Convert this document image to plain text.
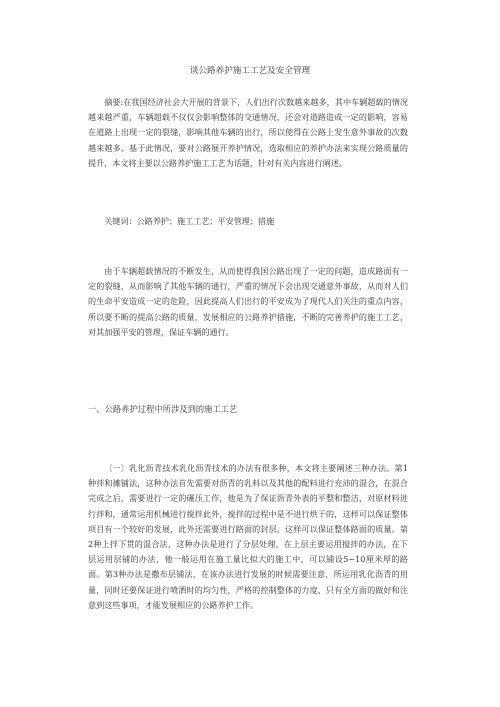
谈公路养护施工工艺及安全管理

摘要:在我国经济社会大开展的背景下，人们出行次数越来越多，其中车辆超载的情况越来越严重，车辆超载不仅仅会影响整体的交通情况，还会对道路造成一定的影响，容易在道路上出现一定的裂缝，影响其他车辆的出行，所以使得在公路上发生意外事故的次数越来越多。基于此情况，要对公路展开养护情况，选取相应的养护办法来实现公路质量的提升，本文将主要以公路养护施工工艺为话题，针对有关内容进行阐述。

关键词：公路养护；施工工艺；平安管理；措施

由于车辆超载情况的不断发生，从而使得我国公路出现了一定的问题，造成路面有一定的裂缝，从而影响了其他车辆的通行，严重的情况下会出现交通意外事故，从而对人们的生命平安造成一定的危险，因此提高人们出行的平安成为了现代人们关注的重点内容，所以要不断的提高公路的质量，发展相应的公路养护措施，不断的完善养护的施工工艺，对其加强平安的管理，保证车辆的通行。

一、公路养护过程中所涉及到的施工工艺

〔一〕乳化沥青技术乳化沥青技术的办法有很多种，本文将主要阐述三种办法。第1种拌和摊铺法，这种办法首先需要对沥青的乳料以及其他的配料进行充沛的混合，在混合完成之后，需要进行一定的碾压工作，他是为了保证沥青外表的平整和整洁，对原材料进行拌和，通常运用机械进行搅拌此外，搅拌的过程中是不进行烘干的，这样可以保证整体项目有一个较好的发展，此外还需要进行路面的封层，这样可以保证整体路面的质量。第2种上拌下贯的混合法，这种办法是进行了分层处理，在上层主要运用搅拌的办法，在下层运用层铺的办法，他一般运用在施工量比拟大的施工中，可以铺设5~10厘米厚的路面。第3种办法是撒布层铺法，在该办法进行发展的时候需要注意，所运用乳化沥青的用量，同时还要保证进行喷洒时的均匀性，严格的控制整体的力度，只有全方面的做好和注意到这些事项，才能发展相应的公路养护工作。
